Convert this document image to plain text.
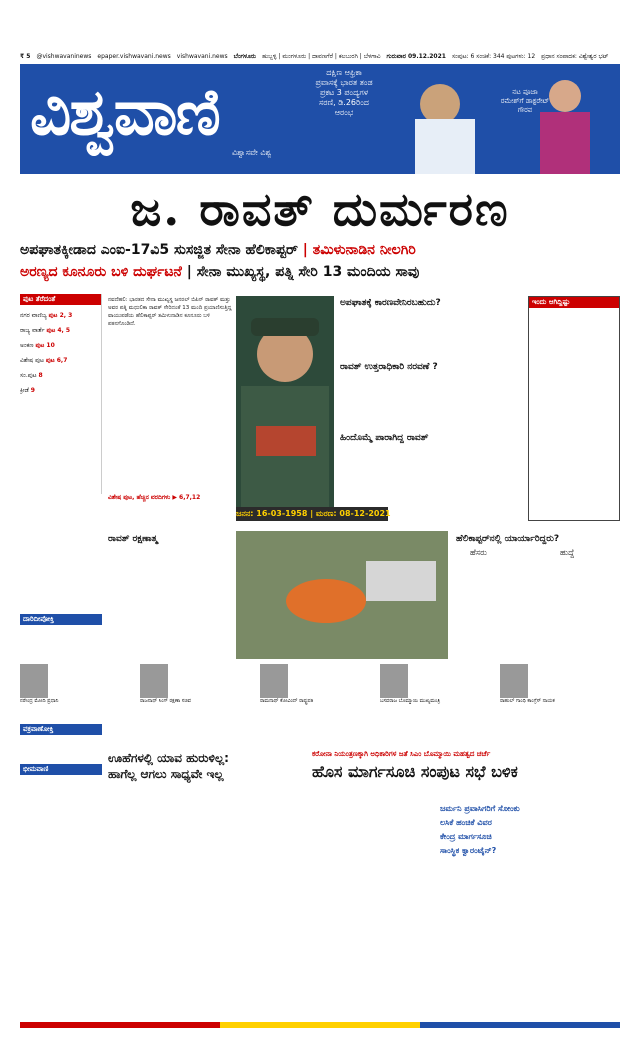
₹ 5 @vishwavaninews epaper.vishwavani.news vishwavani.news ಬೆಂಗಳೂರು ಹುಬ್ಬಳ್ಳಿ | ಮಂಗಳೂರು | ದಾವಣಗೆರೆ | ಕಲಬುರಗಿ | ಬೆಳಗಾವಿ ಗುರುವಾರ 09.12.2021 ಸಂಪುಟ: 6 ಸಂಚಿಕೆ: 344 ಪುಟಗಳು: 12 ಪ್ರಧಾನ ಸಂಪಾದಕ: ವಿಶ್ವೇಶ್ವರ ಭಟ್
ವಿಶ್ವವಾಣಿ
ವಿಶ್ವಾಸವೇ ವಿಶ್ವ
ದಕ್ಷಿಣ ಆಫ್ರಿಕಾ ಪ್ರವಾಸಕ್ಕೆ ಭಾರತ ತಂಡ ಪ್ರಕಟ 3 ಪಂದ್ಯಗಳ ಸರಣಿ, ಡಿ.26ರಿಂದ ಆರಂಭ
ನಟ ಪೂಜಾ ರಮೇಶ್‌ಗೆ ಡಾಕ್ಟರೇಟ್ ಗೌರವ
ಜ. ರಾವತ್ ದುರ್ಮರಣ
ಅಪಘಾತಕ್ಕೀಡಾದ ಎಂಐ-17ವಿ5 ಸುಸಜ್ಜಿತ ಸೇನಾ ಹೆಲಿಕಾಪ್ಟರ್ | ತಮಿಳುನಾಡಿನ ನೀಲಗಿರಿ
ಅರಣ್ಯದ ಕೂನೂರು ಬಳಿ ದುರ್ಘಟನೆ | ಸೇನಾ ಮುಖ್ಯಸ್ಥ, ಪತ್ನಿ ಸೇರಿ 13 ಮಂದಿಯ ಸಾವು
ಪುಟ ತೆರೆದಂತೆ
ನಗರ ವಾಣಿಜ್ಯ ಪುಟ 2, 3
ರಾಜ್ಯ ವಾರ್ತೆ ಪುಟ 4, 5
ಅಂಕಣ ಪುಟ 10
ವಿಶೇಷ ಪುಟ ಪುಟ 6,7
ಸಂ.ಪುಟ 8
ಕ್ರೀಡೆ 9
ನವದೆಹಲಿ: ಭಾರತದ ಸೇನಾ ಮುಖ್ಯಸ್ಥ ಜನರಲ್ ಬಿಪಿನ್ ರಾವತ್ ಮತ್ತು ಅವರ ಪತ್ನಿ ಮಧುಲಿಕಾ ರಾವತ್ ಸೇರಿದಂತೆ 13 ಮಂದಿ ಪ್ರಯಾಣಿಸುತ್ತಿದ್ದ ವಾಯುಪಡೆಯ ಹೆಲಿಕಾಪ್ಟರ್ ತಮಿಳುನಾಡಿನ ಕೂನೂರು ಬಳಿ ಪತನಗೊಂಡಿದೆ.
ವಿಶೇಷ ಪುಟ, ಹೆಚ್ಚಿನ ವರದಿಗಳು ▶ 6,7,12
ಜನನ: 16-03-1958 | ಮರಣ: 08-12-2021
ಅಪಘಾತಕ್ಕೆ ಕಾರಣವೇನಿರಬಹುದು?
ರಾವತ್ ಉತ್ತರಾಧಿಕಾರಿ ನರವಣೆ ?
ಹಿಂದೊಮ್ಮೆ ಪಾರಾಗಿದ್ದ ರಾವತ್
ಇಂದು ಆಗಿದ್ದಿಷ್ಟು
ರಾವತ್ ರಕ್ಷಣಾತ್ಮ	ಹೆಲಿಕಾಪ್ಟರ್‌ನಲ್ಲಿ ಯಾರ್ಯಾರಿದ್ದರು?
ಹೆಸರು	ಹುದ್ದೆ
ನರೇಂದ್ರ ಮೋದಿ ಪ್ರಧಾನಿ	ರಾಜನಾಥ್ ಸಿಂಗ್ ರಕ್ಷಣಾ ಸಚಿವ	ರಾಮನಾಥ್ ಕೋವಿಂದ್ ರಾಷ್ಟ್ರಪತಿ	ಬಸವರಾಜ ಬೊಮ್ಮಾಯಿ ಮುಖ್ಯಮಂತ್ರಿ	ರಾಹುಲ್ ಗಾಂಧಿ ಕಾಂಗ್ರೆಸ್ ನಾಯಕ
ದಾರಿದೀಪೋಕ್ತಿ
ವಕ್ರವಾಣೋಕ್ತಿ
ಭೀಮವಾಣಿ
ಊಹೆಗಳಲ್ಲಿ ಯಾವ ಹುರುಳಿಲ್ಲ:
ಹಾಗೆಲ್ಲ ಆಗಲು ಸಾಧ್ಯವೇ ಇಲ್ಲ
ಕರೋನಾ ನಿಯಂತ್ರಣಕ್ಕಾಗಿ ಅಧಿಕಾರಿಗಳ ಜತೆ ಸಿಎಂ ಬೊಮ್ಮಾಯಿ ಮಹತ್ವದ ಚರ್ಚೆ
ಹೊಸ ಮಾರ್ಗಸೂಚಿ ಸಂಪುಟ ಸಭೆ ಬಳಿಕ
ಜರ್ಮನಿ ಪ್ರವಾಸಿಗರಿಗೆ ಸೋಂಕು
ಲಸಿಕೆ ಹಂಚಿಕೆ ವಿವರ
ಕೇಂದ್ರ ಮಾರ್ಗಸೂಚಿ
ಸಾಂಸ್ಥಿಕ ಕ್ವಾರಂಟೈನ್?
